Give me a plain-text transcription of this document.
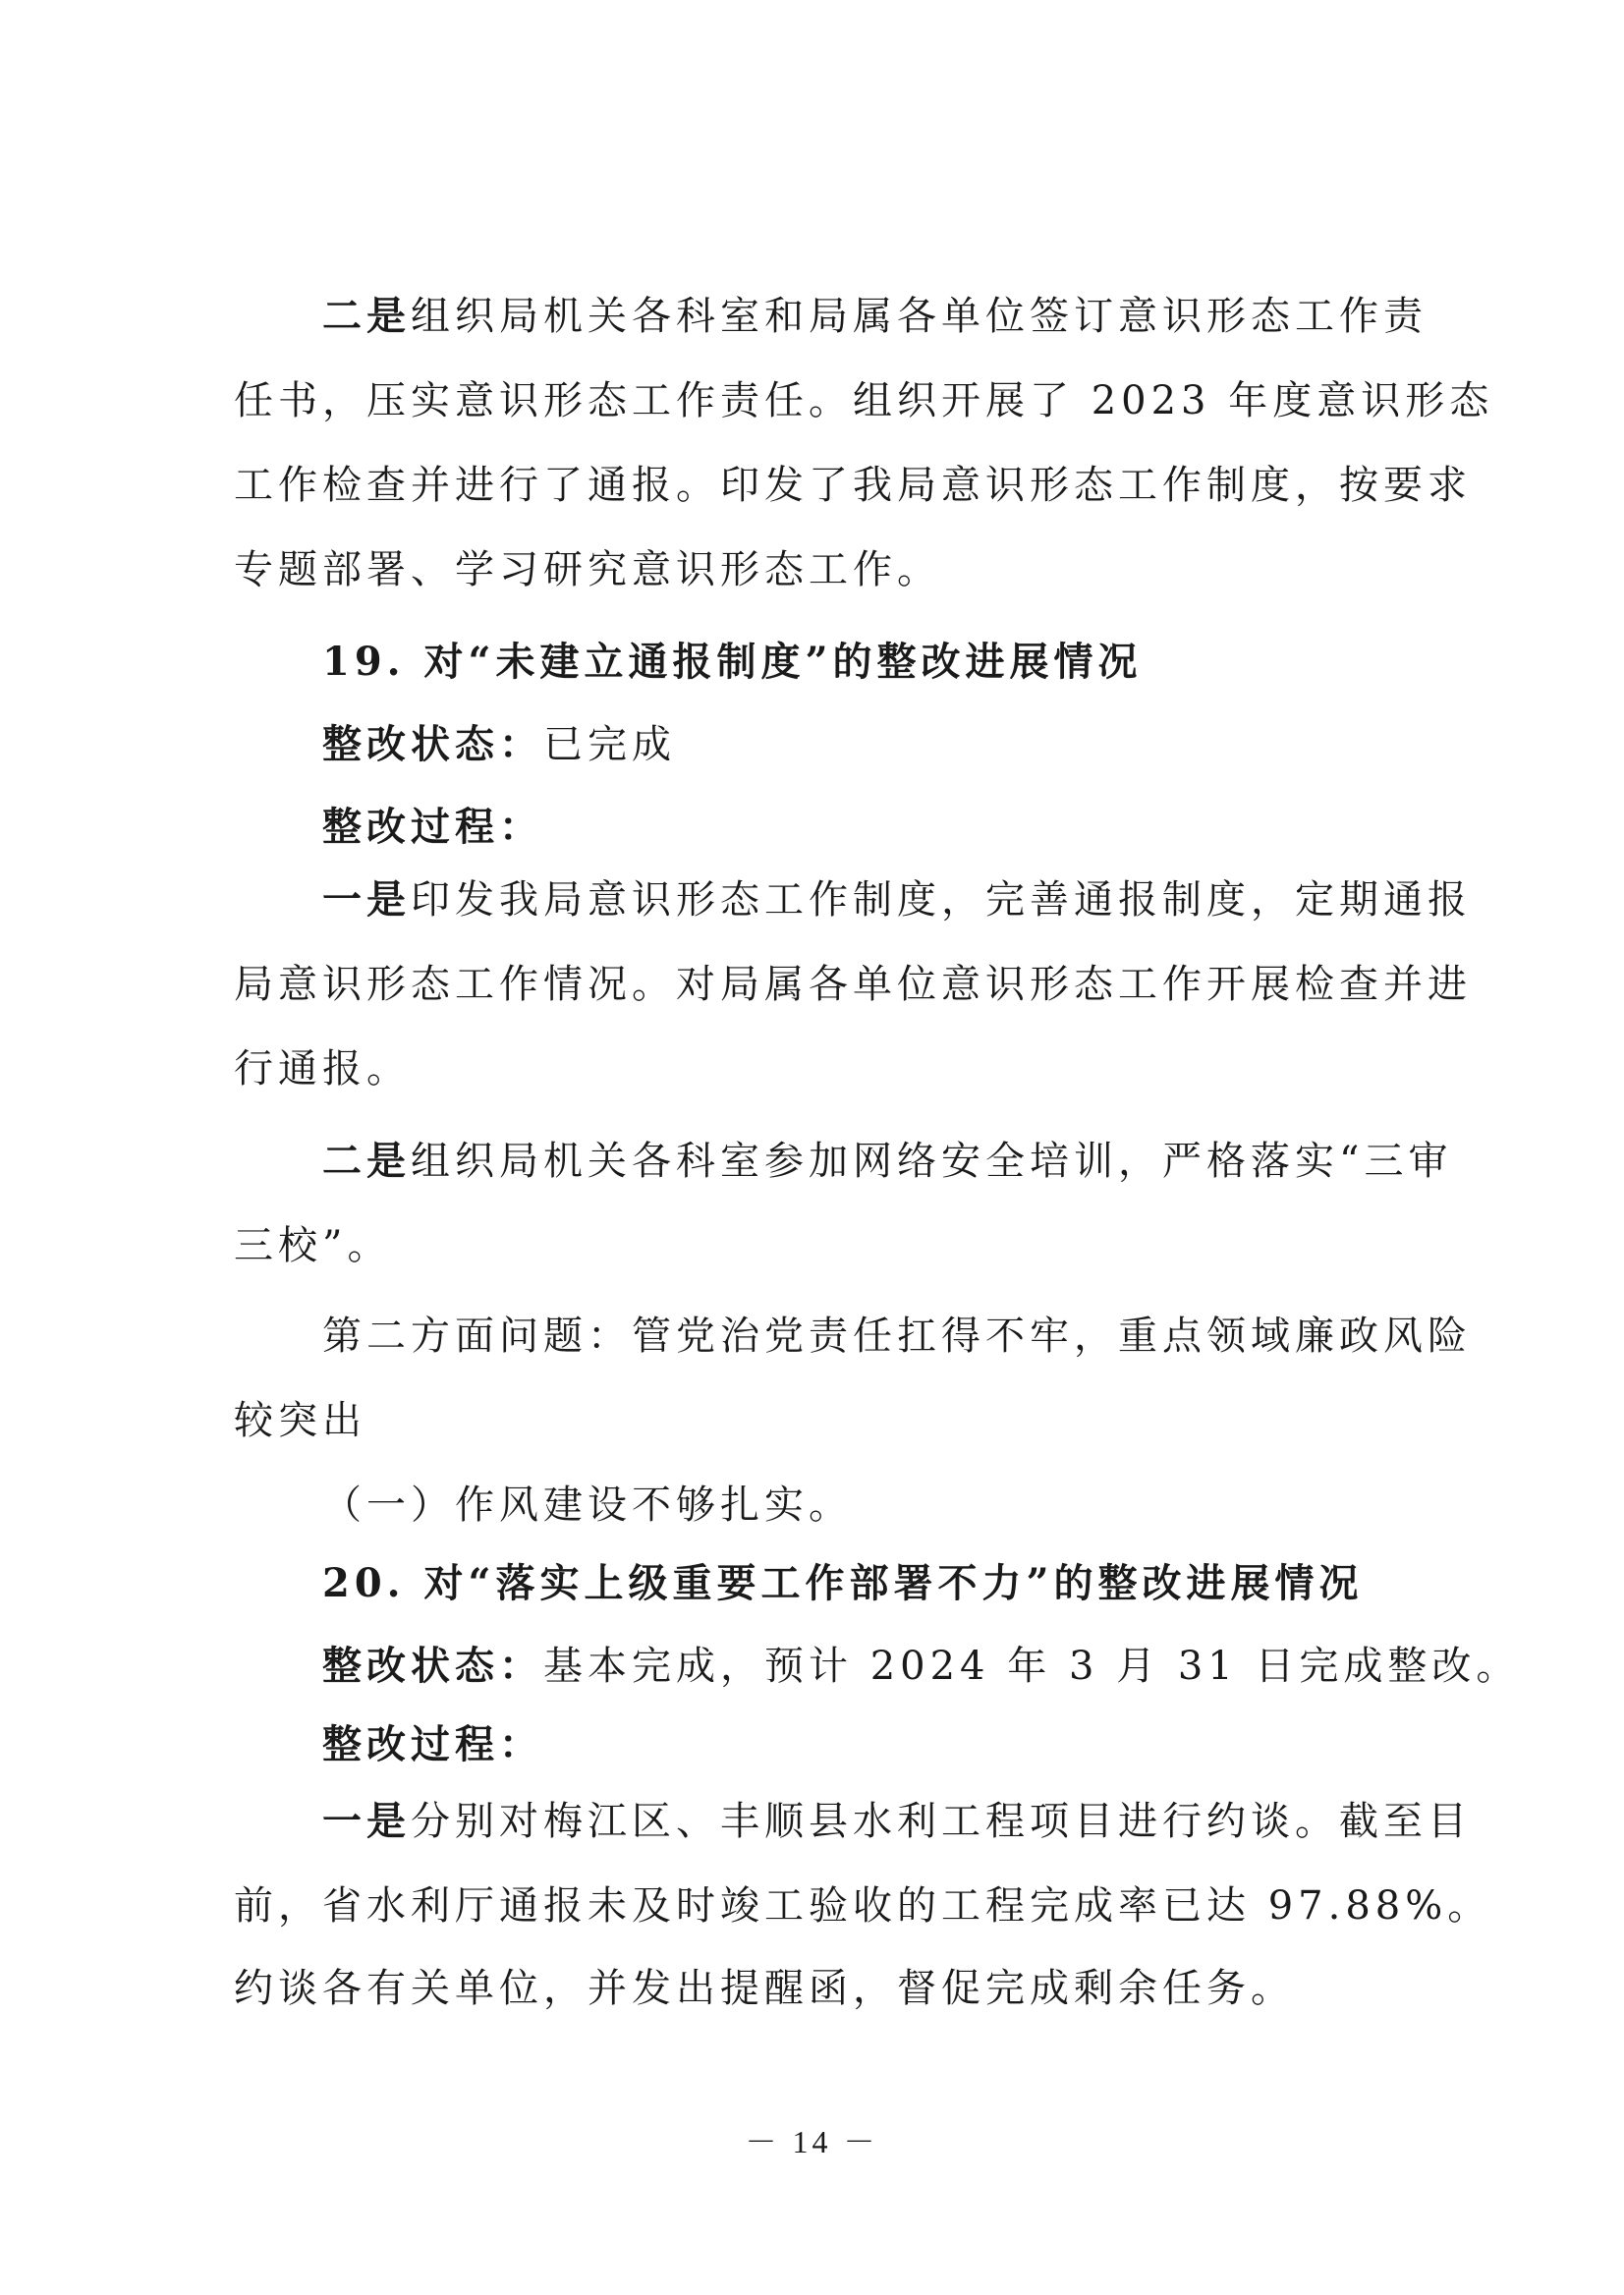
二是组织局机关各科室和局属各单位签订意识形态工作责
任书，压实意识形态工作责任。组织开展了 2023 年度意识形态
工作检查并进行了通报。印发了我局意识形态工作制度，按要求
专题部署、学习研究意识形态工作。
19. 对“未建立通报制度”的整改进展情况
整改状态：已完成
整改过程：
一是印发我局意识形态工作制度，完善通报制度，定期通报
局意识形态工作情况。对局属各单位意识形态工作开展检查并进
行通报。
二是组织局机关各科室参加网络安全培训，严格落实“三审
三校”。
第二方面问题：管党治党责任扛得不牢，重点领域廉政风险
较突出
（一）作风建设不够扎实。
20. 对“落实上级重要工作部署不力”的整改进展情况
整改状态：基本完成，预计 2024 年 3 月 31 日完成整改。
整改过程：
一是分别对梅江区、丰顺县水利工程项目进行约谈。截至目
前，省水利厅通报未及时竣工验收的工程完成率已达 97.88%。
约谈各有关单位，并发出提醒函，督促完成剩余任务。
－ 14 －
